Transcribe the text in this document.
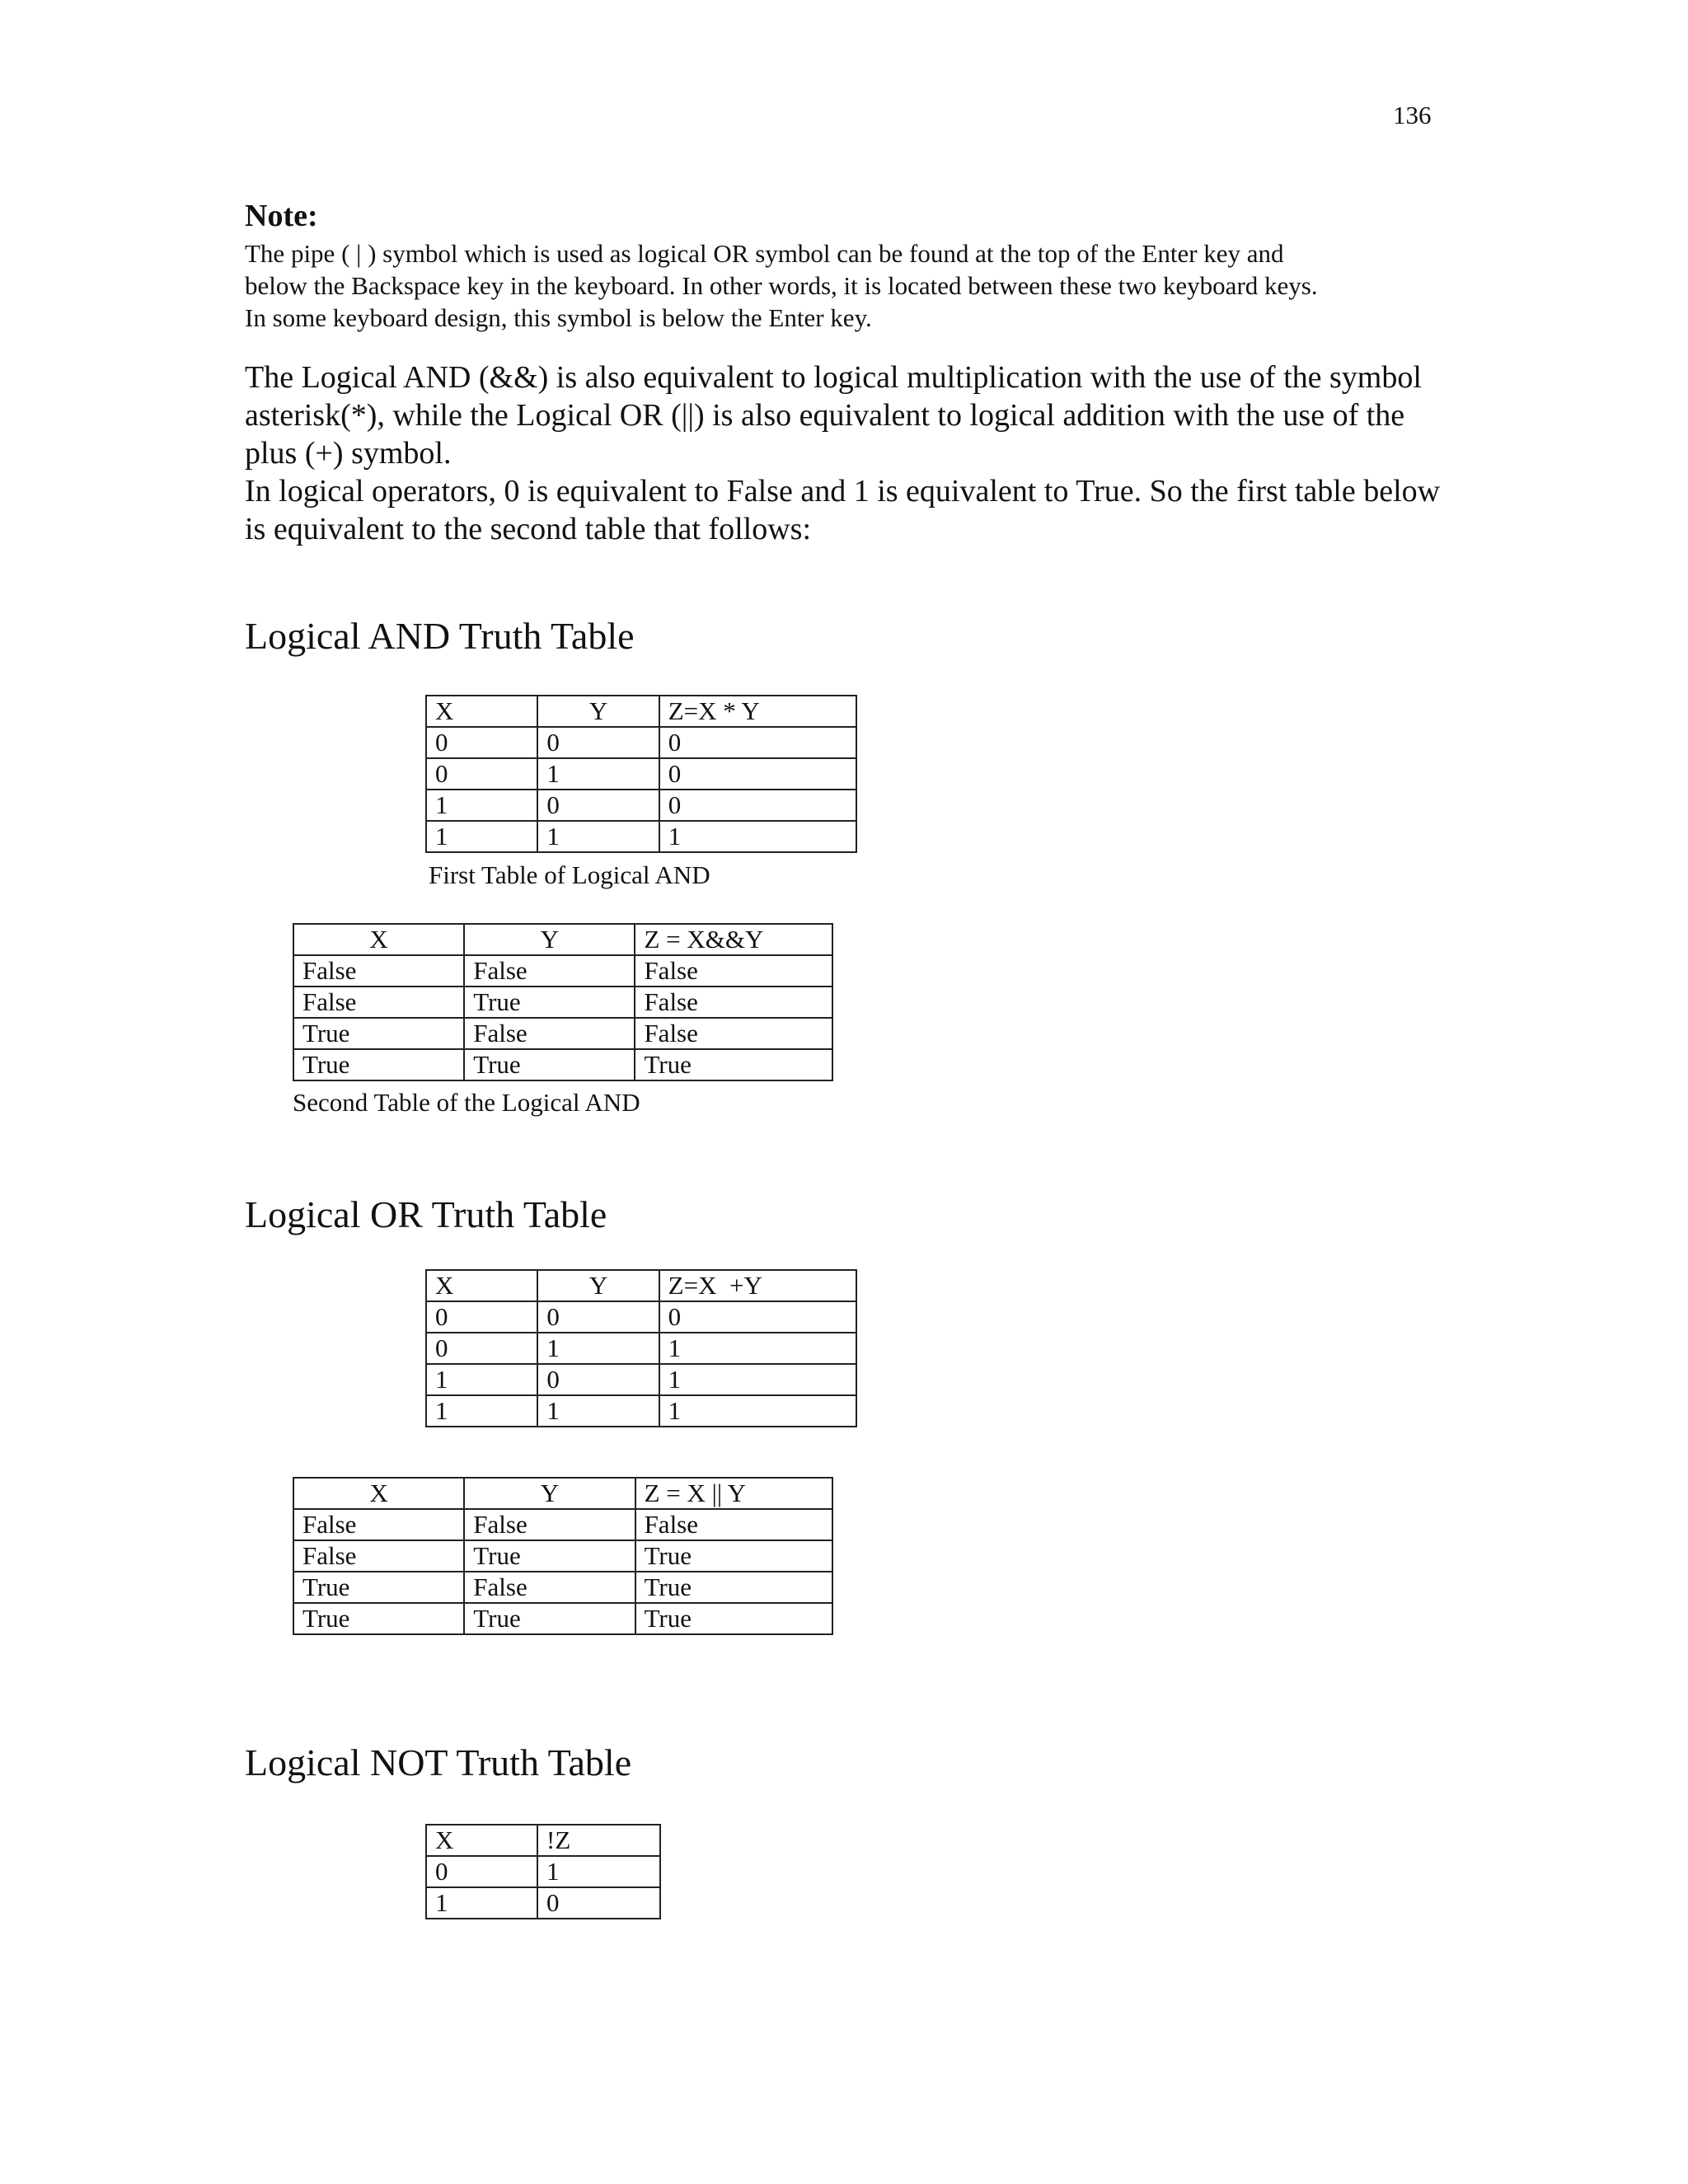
136
Note:
The pipe ( | ) symbol which is used as logical OR symbol can be found at the top of the Enter key and
below the Backspace key in the keyboard. In other words, it is located between these two keyboard keys.
In some keyboard design, this symbol is below the Enter key.

The Logical AND (&&) is also equivalent to logical multiplication with the use of the symbol asterisk(*), while the Logical OR (||) is also equivalent to logical addition with the use of the plus (+) symbol.

In logical operators, 0 is equivalent to False and 1 is equivalent to True. So the first table below is equivalent to the second table that follows:

Logical AND Truth Table
X	Y	Z=X * Y
0	0	0
0	1	0
1	0	0
1	1	1
First Table of Logical AND
X	Y	Z = X&&Y
False	False	False
False	True	False
True	False	False
True	True	True
Second Table of the Logical AND
Logical OR Truth Table
X	Y	Z=X  +Y
0	0	0
0	1	1
1	0	1
1	1	1
X	Y	Z = X || Y
False	False	False
False	True	True
True	False	True
True	True	True
Logical NOT Truth Table
X	!Z
0	1
1	0
